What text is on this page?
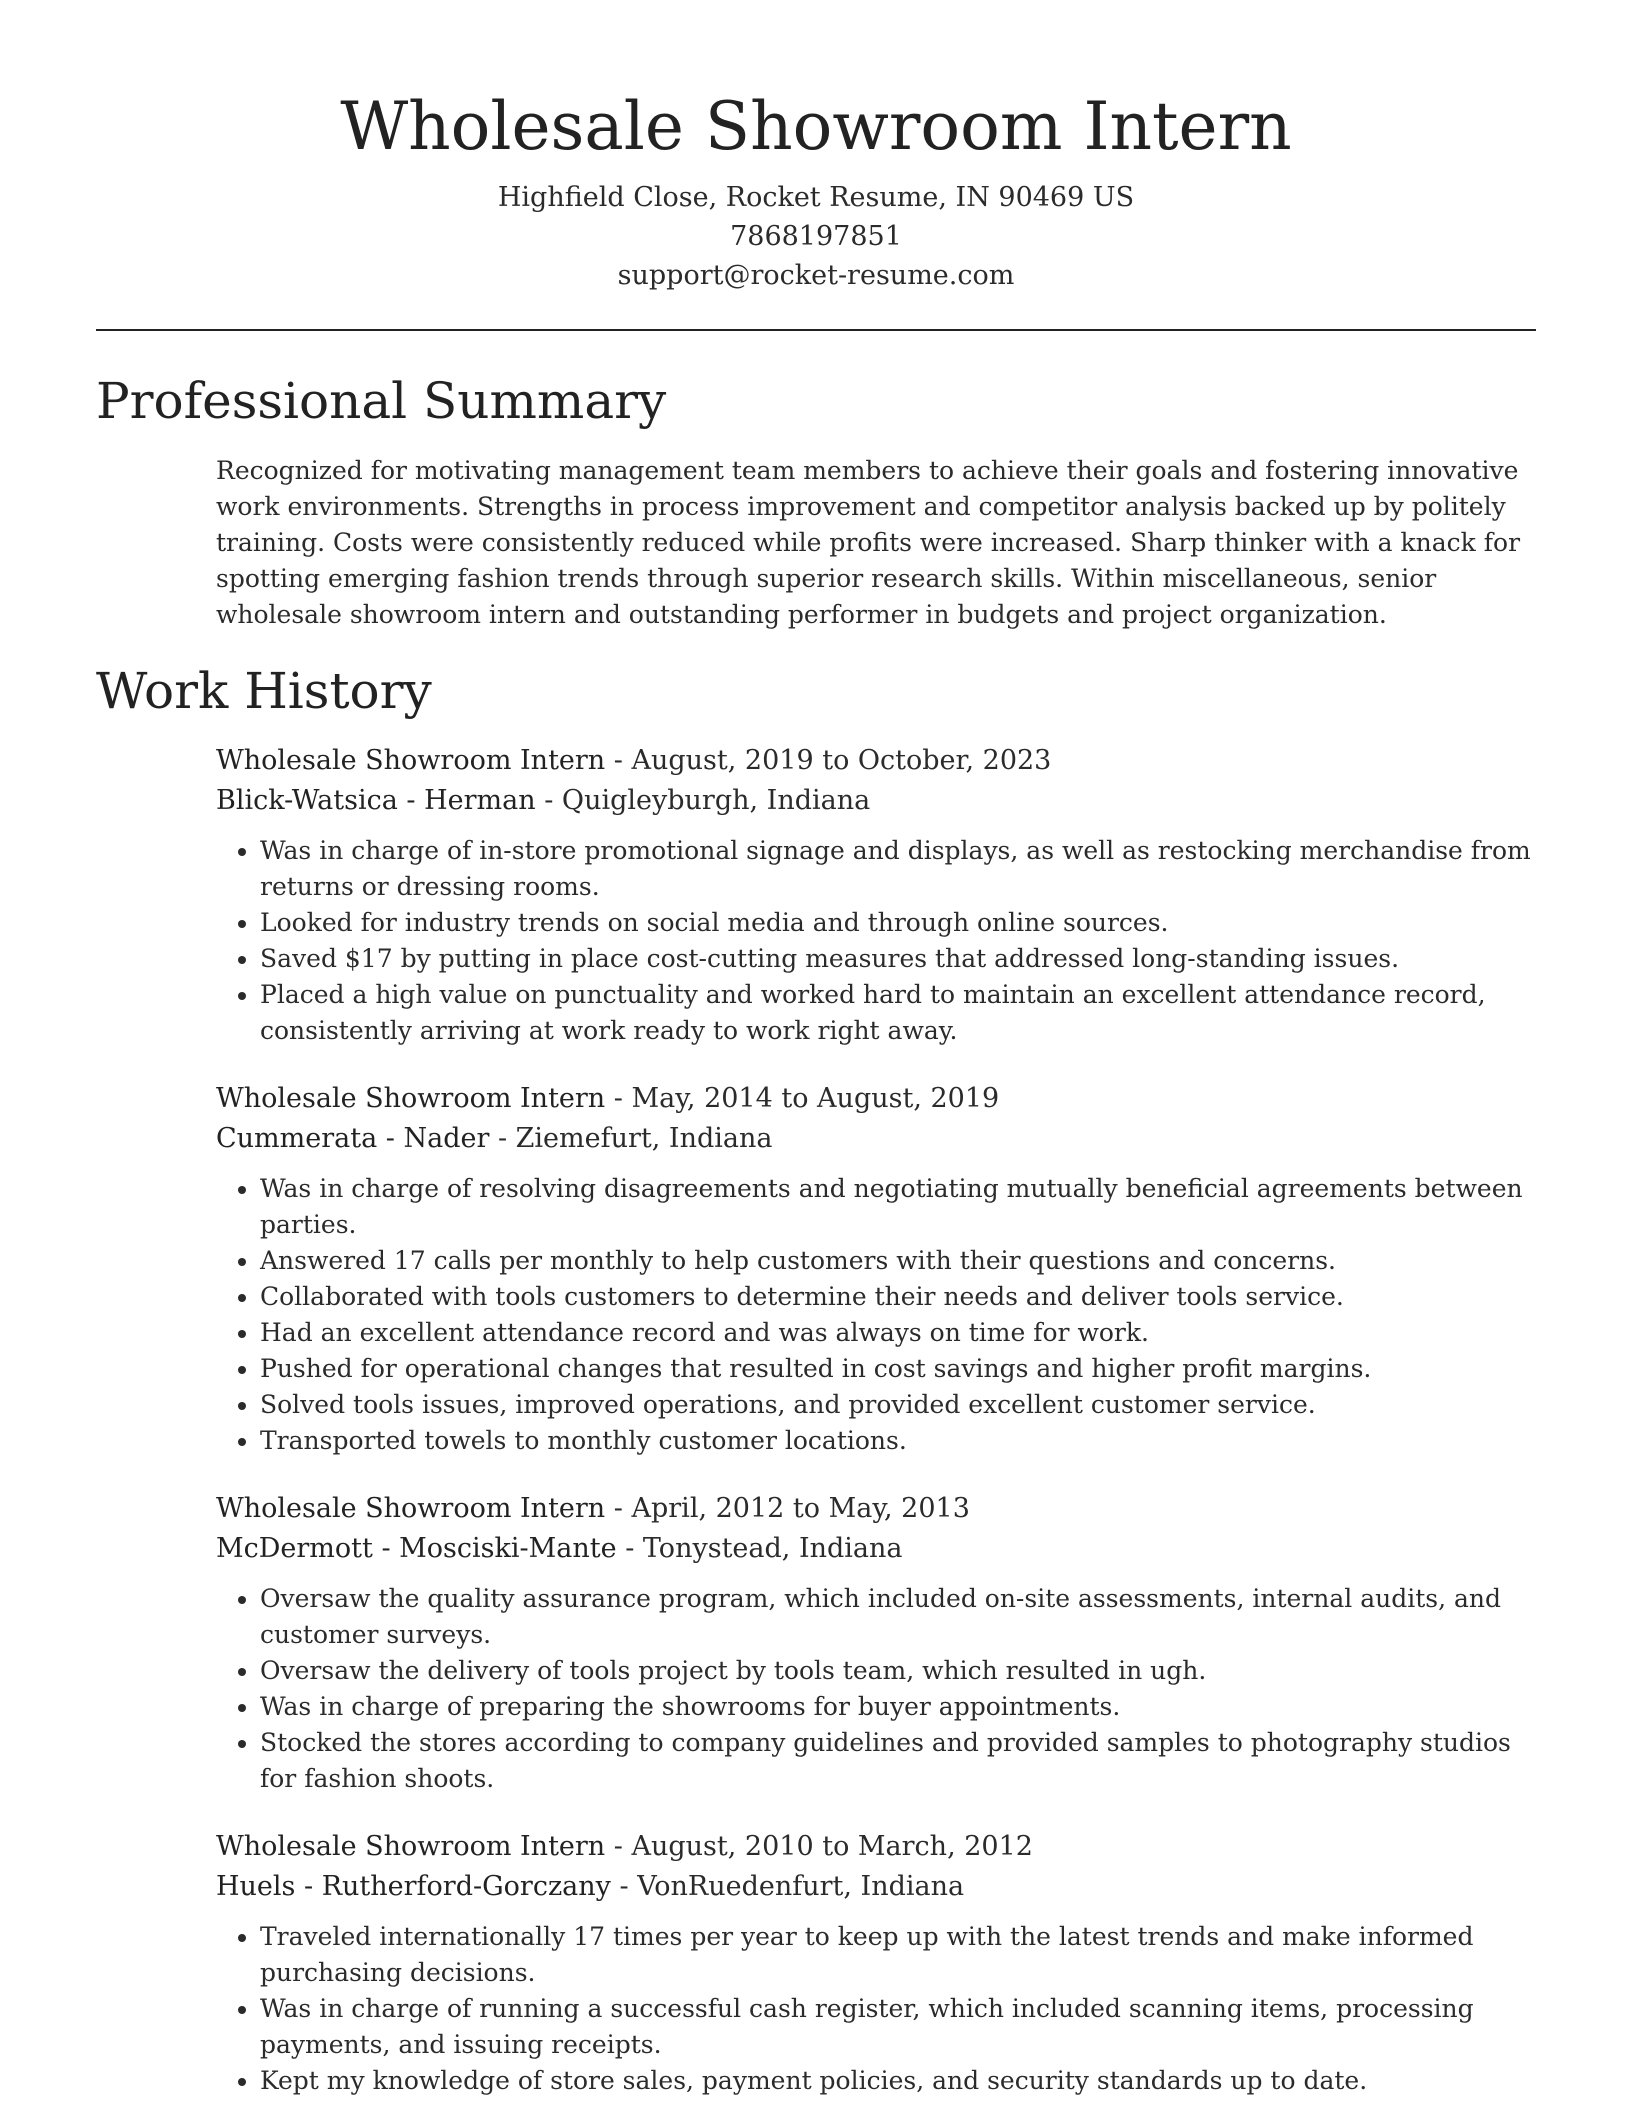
Wholesale Showroom Intern
Highfield Close, Rocket Resume, IN 90469 US
7868197851
support@rocket-resume.com
Professional Summary

Recognized for motivating management team members to achieve their goals and fostering innovative work environments. Strengths in process improvement and competitor analysis backed up by politely training. Costs were consistently reduced while profits were increased. Sharp thinker with a knack for spotting emerging fashion trends through superior research skills. Within miscellaneous, senior wholesale showroom intern and outstanding performer in budgets and project organization.

Work History
Wholesale Showroom Intern - August, 2019 to October, 2023
Blick-Watsica - Herman - Quigleyburgh, Indiana
• Was in charge of in-store promotional signage and displays, as well as restocking merchandise from returns or dressing rooms.
• Looked for industry trends on social media and through online sources.
• Saved $17 by putting in place cost-cutting measures that addressed long-standing issues.
• Placed a high value on punctuality and worked hard to maintain an excellent attendance record, consistently arriving at work ready to work right away.
Wholesale Showroom Intern - May, 2014 to August, 2019
Cummerata - Nader - Ziemefurt, Indiana
• Was in charge of resolving disagreements and negotiating mutually beneficial agreements between parties.
• Answered 17 calls per monthly to help customers with their questions and concerns.
• Collaborated with tools customers to determine their needs and deliver tools service.
• Had an excellent attendance record and was always on time for work.
• Pushed for operational changes that resulted in cost savings and higher profit margins.
• Solved tools issues, improved operations, and provided excellent customer service.
• Transported towels to monthly customer locations.
Wholesale Showroom Intern - April, 2012 to May, 2013
McDermott - Mosciski-Mante - Tonystead, Indiana
• Oversaw the quality assurance program, which included on-site assessments, internal audits, and customer surveys.
• Oversaw the delivery of tools project by tools team, which resulted in ugh.
• Was in charge of preparing the showrooms for buyer appointments.
• Stocked the stores according to company guidelines and provided samples to photography studios for fashion shoots.
Wholesale Showroom Intern - August, 2010 to March, 2012
Huels - Rutherford-Gorczany - VonRuedenfurt, Indiana
• Traveled internationally 17 times per year to keep up with the latest trends and make informed purchasing decisions.
• Was in charge of running a successful cash register, which included scanning items, processing payments, and issuing receipts.
• Kept my knowledge of store sales, payment policies, and security standards up to date.
